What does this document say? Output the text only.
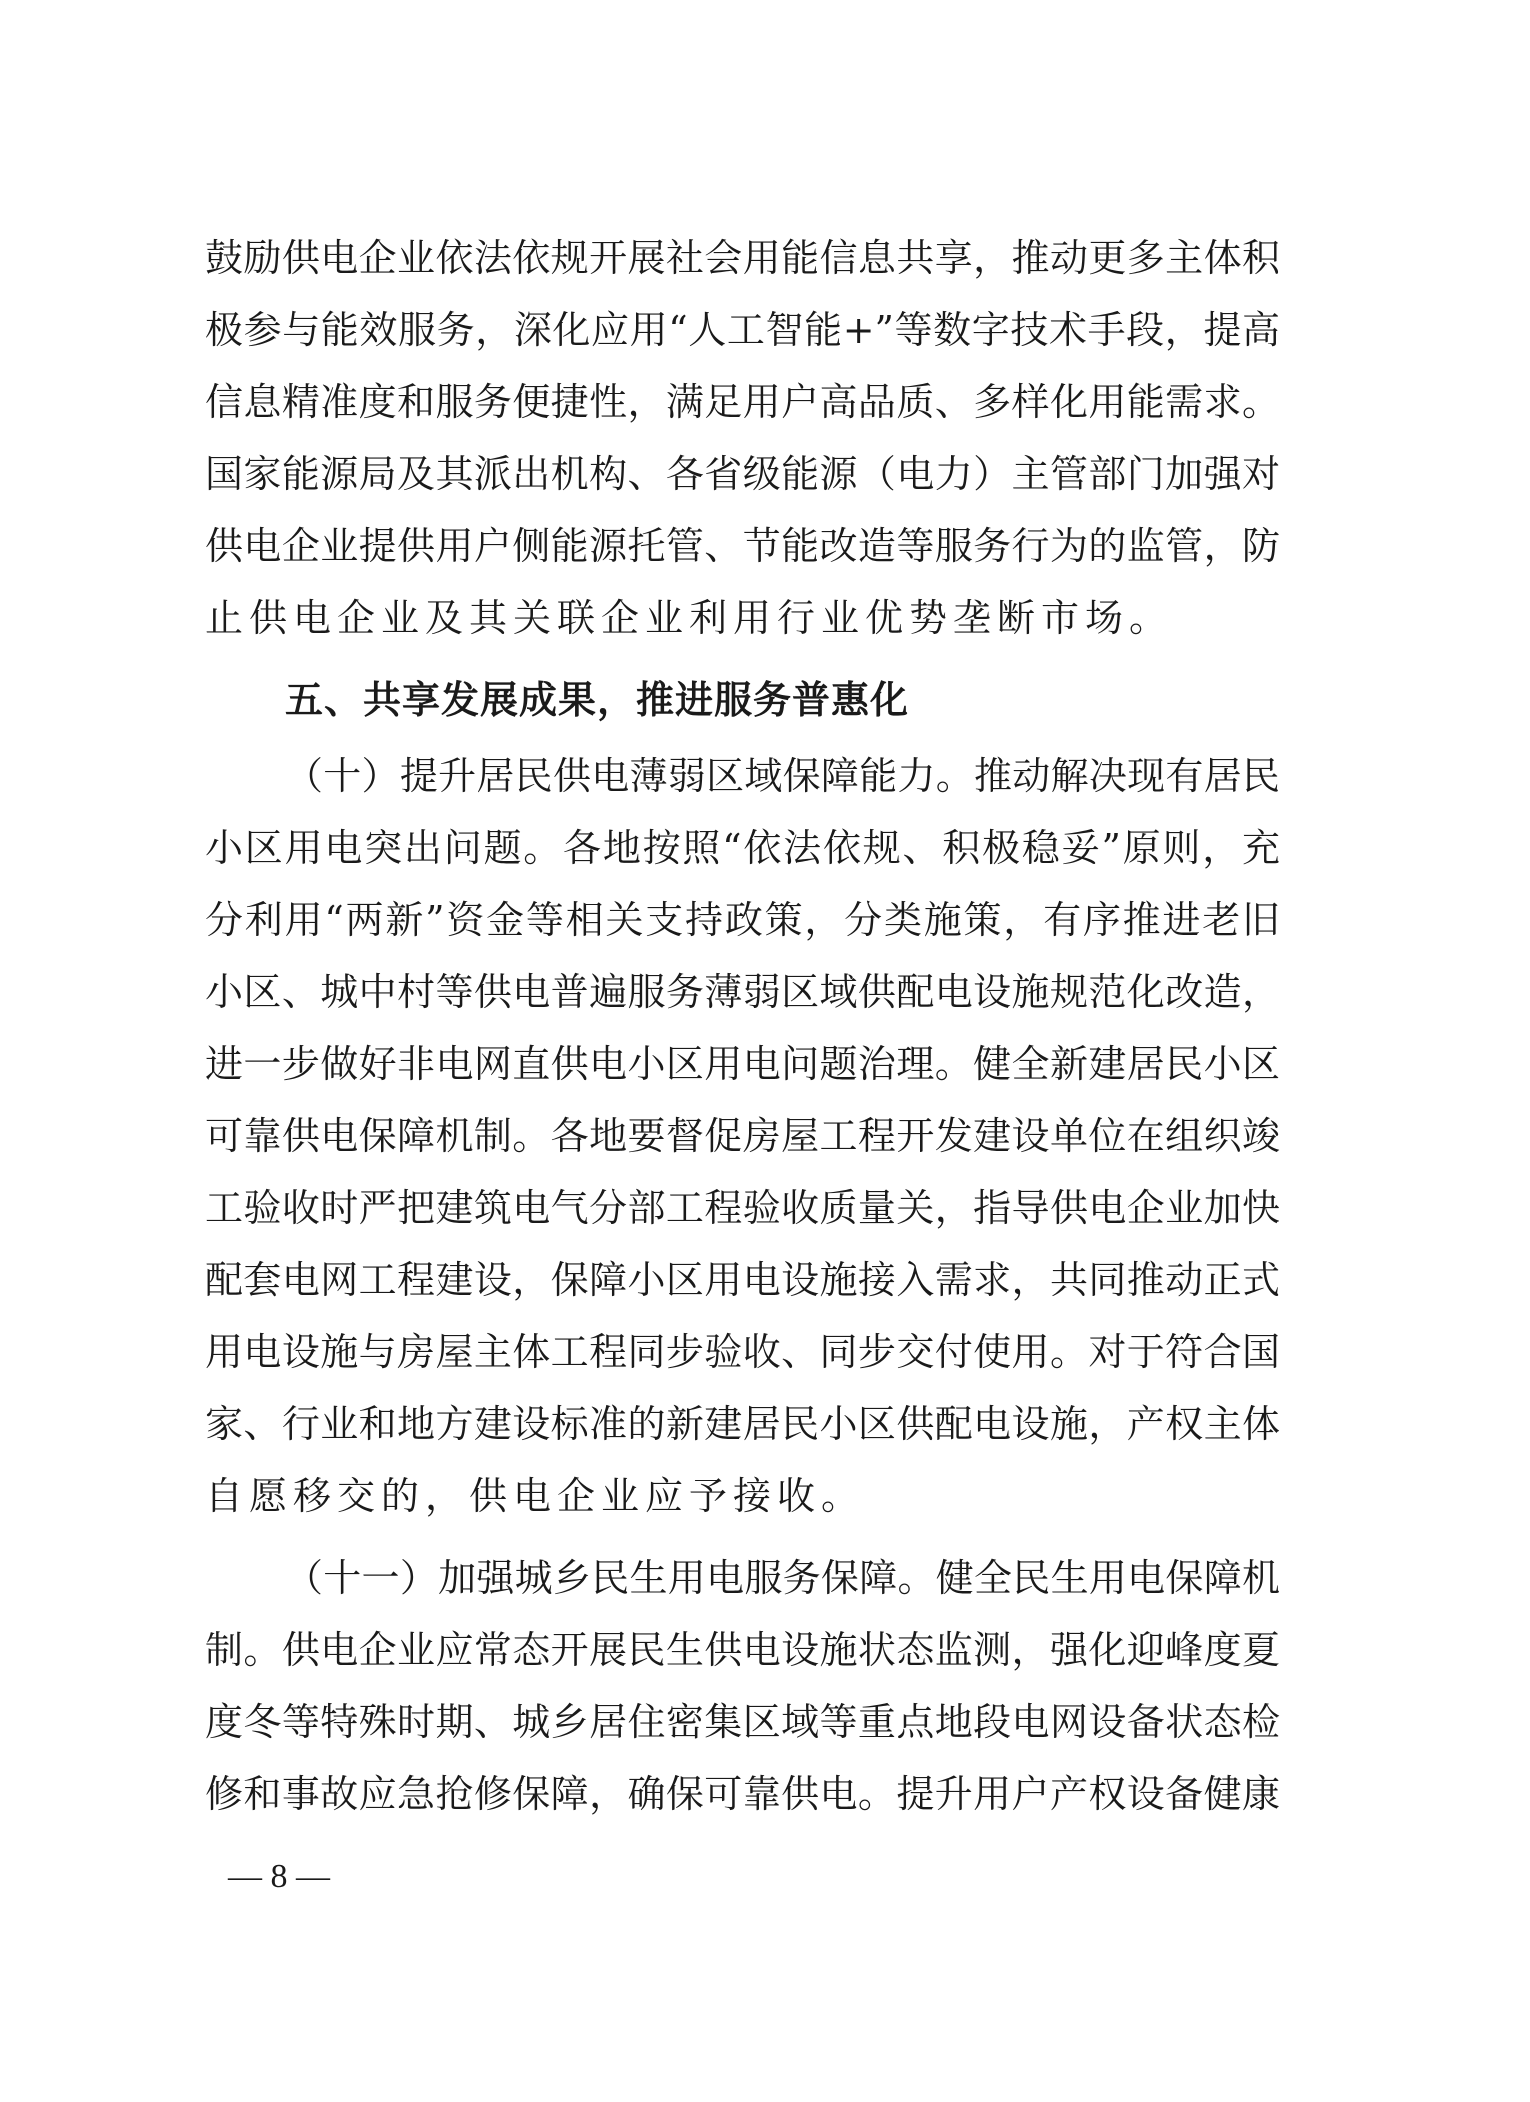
鼓励供电企业依法依规开展社会用能信息共享，推动更多主体积
极参与能效服务，深化应用“人工智能+”等数字技术手段，提高
信息精准度和服务便捷性，满足用户高品质、多样化用能需求。
国家能源局及其派出机构、各省级能源（电力）主管部门加强对
供电企业提供用户侧能源托管、节能改造等服务行为的监管，防
止供电企业及其关联企业利用行业优势垄断市场。
五、共享发展成果，推进服务普惠化
（十）提升居民供电薄弱区域保障能力。推动解决现有居民
小区用电突出问题。各地按照“依法依规、积极稳妥”原则，充
分利用“两新”资金等相关支持政策，分类施策，有序推进老旧
小区、城中村等供电普遍服务薄弱区域供配电设施规范化改造，
进一步做好非电网直供电小区用电问题治理。健全新建居民小区
可靠供电保障机制。各地要督促房屋工程开发建设单位在组织竣
工验收时严把建筑电气分部工程验收质量关，指导供电企业加快
配套电网工程建设，保障小区用电设施接入需求，共同推动正式
用电设施与房屋主体工程同步验收、同步交付使用。对于符合国
家、行业和地方建设标准的新建居民小区供配电设施，产权主体
自愿移交的，供电企业应予接收。
（十一）加强城乡民生用电服务保障。健全民生用电保障机
制。供电企业应常态开展民生供电设施状态监测，强化迎峰度夏
度冬等特殊时期、城乡居住密集区域等重点地段电网设备状态检
修和事故应急抢修保障，确保可靠供电。提升用户产权设备健康
— 8 —
